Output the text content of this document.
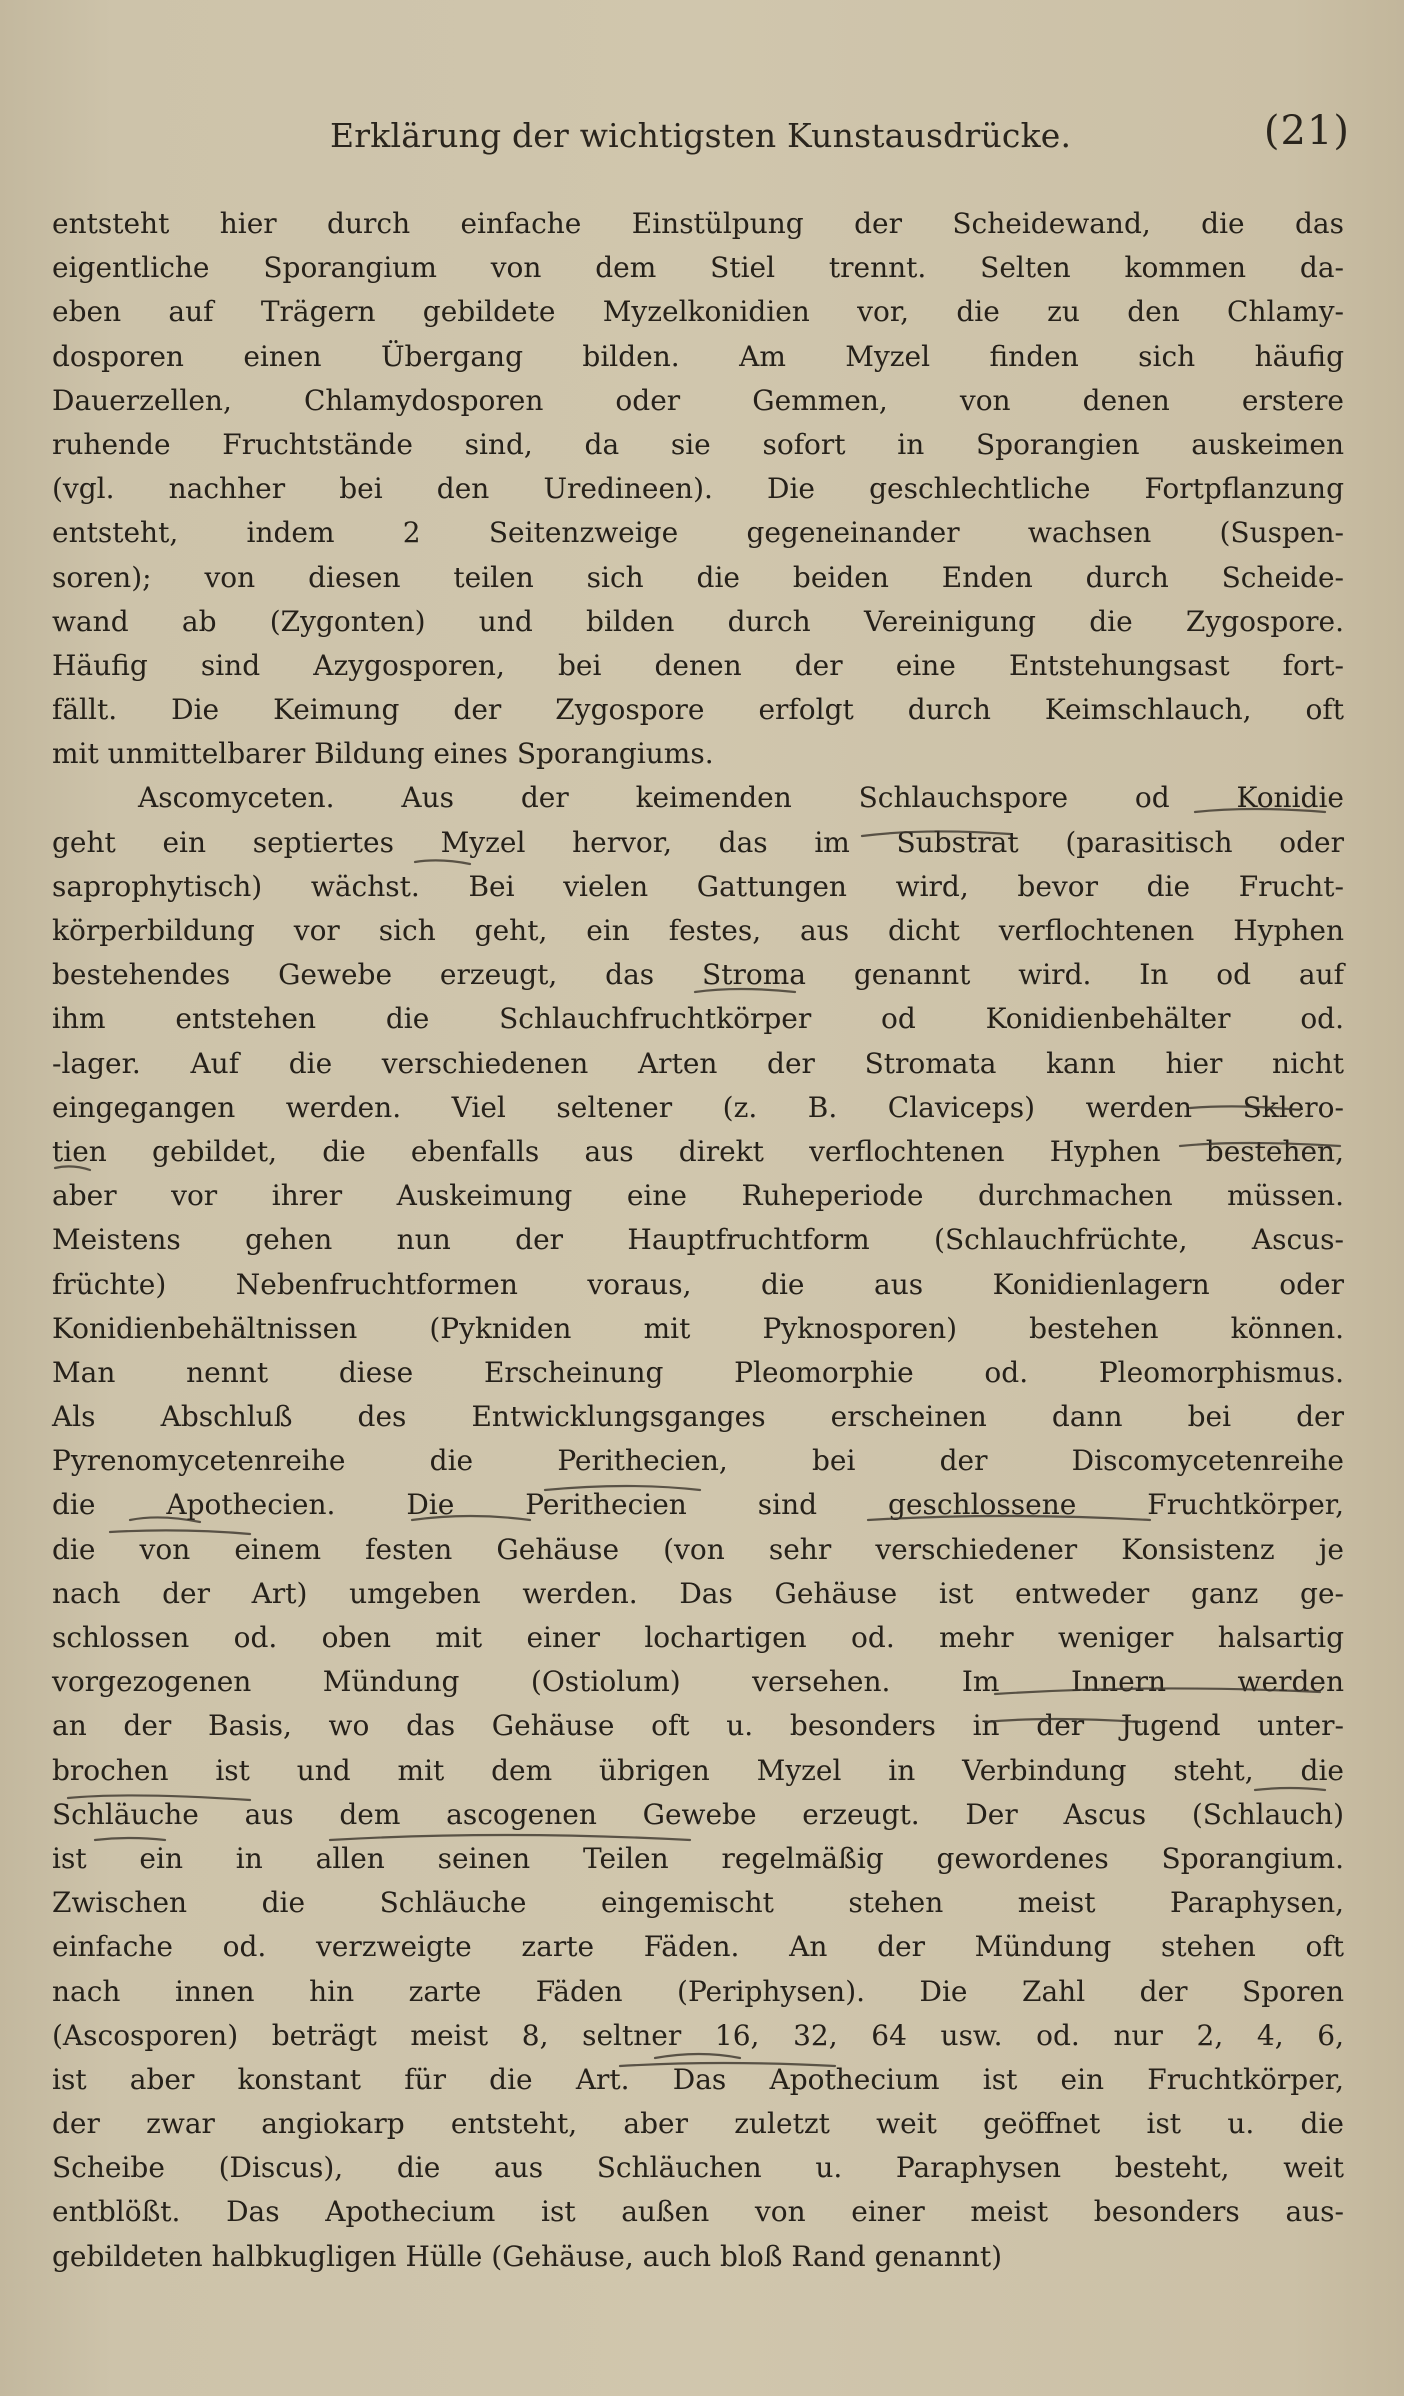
Erklärung der wichtigsten Kunstausdrücke.	(21)
entsteht hier durch einfache Einstülpung der Scheidewand, die das
eigentliche Sporangium von dem Stiel trennt. Selten kommen da-
eben auf Trägern gebildete Myzelkonidien vor, die zu den Chlamy-
dosporen einen Übergang bilden. Am Myzel finden sich häufig
Dauerzellen, Chlamydosporen oder Gemmen, von denen erstere
ruhende Fruchtstände sind, da sie sofort in Sporangien auskeimen
(vgl. nachher bei den Uredineen). Die geschlechtliche Fortpflanzung
entsteht, indem 2 Seitenzweige gegeneinander wachsen (Suspen-
soren); von diesen teilen sich die beiden Enden durch Scheide-
wand ab (Zygonten) und bilden durch Vereinigung die Zygospore.
Häufig sind Azygosporen, bei denen der eine Entstehungsast fort-
fällt. Die Keimung der Zygospore erfolgt durch Keimschlauch, oft
mit unmittelbarer Bildung eines Sporangiums.
Ascomyceten. Aus der keimenden Schlauchspore od Konidie
geht ein septiertes Myzel hervor, das im Substrat (parasitisch oder
saprophytisch) wächst. Bei vielen Gattungen wird, bevor die Frucht-
körperbildung vor sich geht, ein festes, aus dicht verflochtenen Hyphen
bestehendes Gewebe erzeugt, das Stroma genannt wird. In od auf
ihm entstehen die Schlauchfruchtkörper od Konidienbehälter od.
-lager. Auf die verschiedenen Arten der Stromata kann hier nicht
eingegangen werden. Viel seltener (z. B. Claviceps) werden Sklero-
tien gebildet, die ebenfalls aus direkt verflochtenen Hyphen bestehen,
aber vor ihrer Auskeimung eine Ruheperiode durchmachen müssen.
Meistens gehen nun der Hauptfruchtform (Schlauchfrüchte, Ascus-
früchte) Nebenfruchtformen voraus, die aus Konidienlagern oder
Konidienbehältnissen (Pykniden mit Pyknosporen) bestehen können.
Man nennt diese Erscheinung Pleomorphie od. Pleomorphismus.
Als Abschluß des Entwicklungsganges erscheinen dann bei der
Pyrenomycetenreihe die Perithecien, bei der Discomycetenreihe
die Apothecien. Die Perithecien sind geschlossene Fruchtkörper,
die von einem festen Gehäuse (von sehr verschiedener Konsistenz je
nach der Art) umgeben werden. Das Gehäuse ist entweder ganz ge-
schlossen od. oben mit einer lochartigen od. mehr weniger halsartig
vorgezogenen Mündung (Ostiolum) versehen. Im Innern werden
an der Basis, wo das Gehäuse oft u. besonders in der Jugend unter-
brochen ist und mit dem übrigen Myzel in Verbindung steht, die
Schläuche aus dem ascogenen Gewebe erzeugt. Der Ascus (Schlauch)
ist ein in allen seinen Teilen regelmäßig gewordenes Sporangium.
Zwischen die Schläuche eingemischt stehen meist Paraphysen,
einfache od. verzweigte zarte Fäden. An der Mündung stehen oft
nach innen hin zarte Fäden (Periphysen). Die Zahl der Sporen
(Ascosporen) beträgt meist 8, seltner 16, 32, 64 usw. od. nur 2, 4, 6,
ist aber konstant für die Art. Das Apothecium ist ein Fruchtkörper,
der zwar angiokarp entsteht, aber zuletzt weit geöffnet ist u. die
Scheibe (Discus), die aus Schläuchen u. Paraphysen besteht, weit
entblößt. Das Apothecium ist außen von einer meist besonders aus-
gebildeten halbkugligen Hülle (Gehäuse, auch bloß Rand genannt)
